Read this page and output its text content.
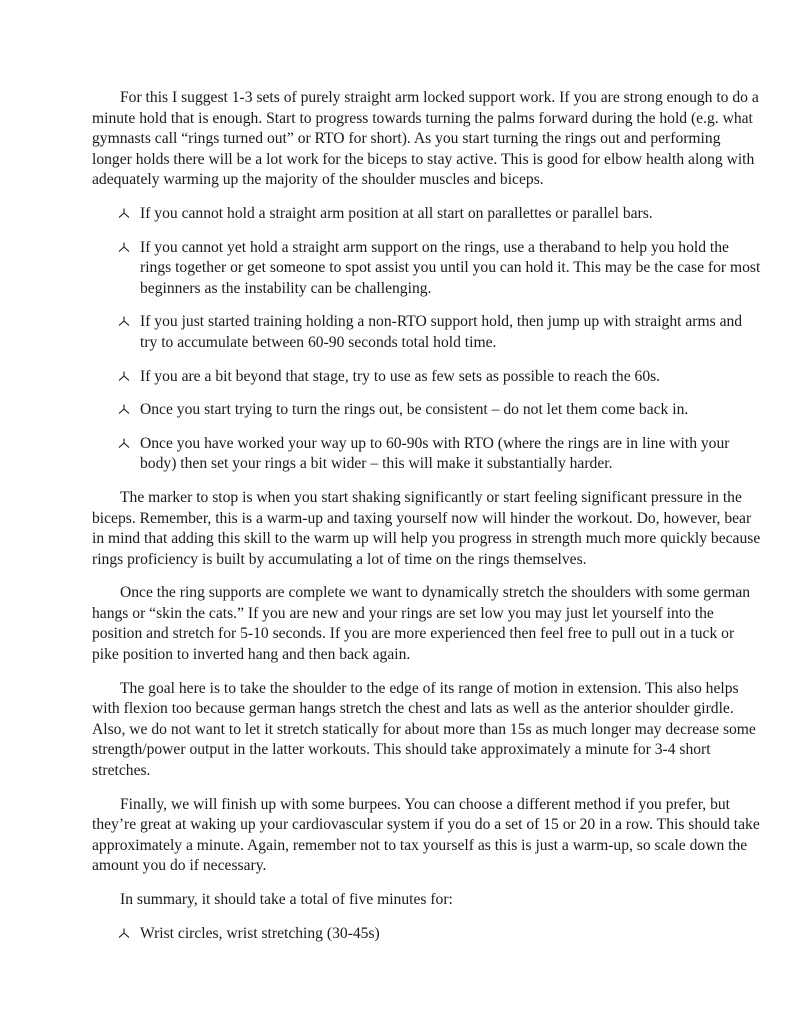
For this I suggest 1-3 sets of purely straight arm locked support work. If you are strong enough to do a minute hold that is enough. Start to progress towards turning the palms forward during the hold (e.g. what gymnasts call “rings turned out” or RTO for short). As you start turning the rings out and performing longer holds there will be a lot work for the biceps to stay active. This is good for elbow health along with adequately warming up the majority of the shoulder muscles and biceps.

If you cannot hold a straight arm position at all start on parallettes or parallel bars.
If you cannot yet hold a straight arm support on the rings, use a theraband to help you hold the rings together or get someone to spot assist you until you can hold it. This may be the case for most beginners as the instability can be challenging.
If you just started training holding a non-RTO support hold, then jump up with straight arms and try to accumulate between 60-90 seconds total hold time.
If you are a bit beyond that stage, try to use as few sets as possible to reach the 60s.
Once you start trying to turn the rings out, be consistent – do not let them come back in.
Once you have worked your way up to 60-90s with RTO (where the rings are in line with your body) then set your rings a bit wider – this will make it substantially harder.

The marker to stop is when you start shaking significantly or start feeling significant pressure in the biceps. Remember, this is a warm-up and taxing yourself now will hinder the workout. Do, however, bear in mind that adding this skill to the warm up will help you progress in strength much more quickly because rings proficiency is built by accumulating a lot of time on the rings themselves.

Once the ring supports are complete we want to dynamically stretch the shoulders with some german hangs or “skin the cats.” If you are new and your rings are set low you may just let yourself into the position and stretch for 5-10 seconds. If you are more experienced then feel free to pull out in a tuck or pike position to inverted hang and then back again.

The goal here is to take the shoulder to the edge of its range of motion in extension. This also helps with flexion too because german hangs stretch the chest and lats as well as the anterior shoulder girdle. Also, we do not want to let it stretch statically for about more than 15s as much longer may decrease some strength/power output in the latter workouts. This should take approximately a minute for 3-4 short stretches.

Finally, we will finish up with some burpees. You can choose a different method if you prefer, but they’re great at waking up your cardiovascular system if you do a set of 15 or 20 in a row. This should take approximately a minute. Again, remember not to tax yourself as this is just a warm-up, so scale down the amount you do if necessary.

In summary, it should take a total of five minutes for:

Wrist circles, wrist stretching (30-45s)
